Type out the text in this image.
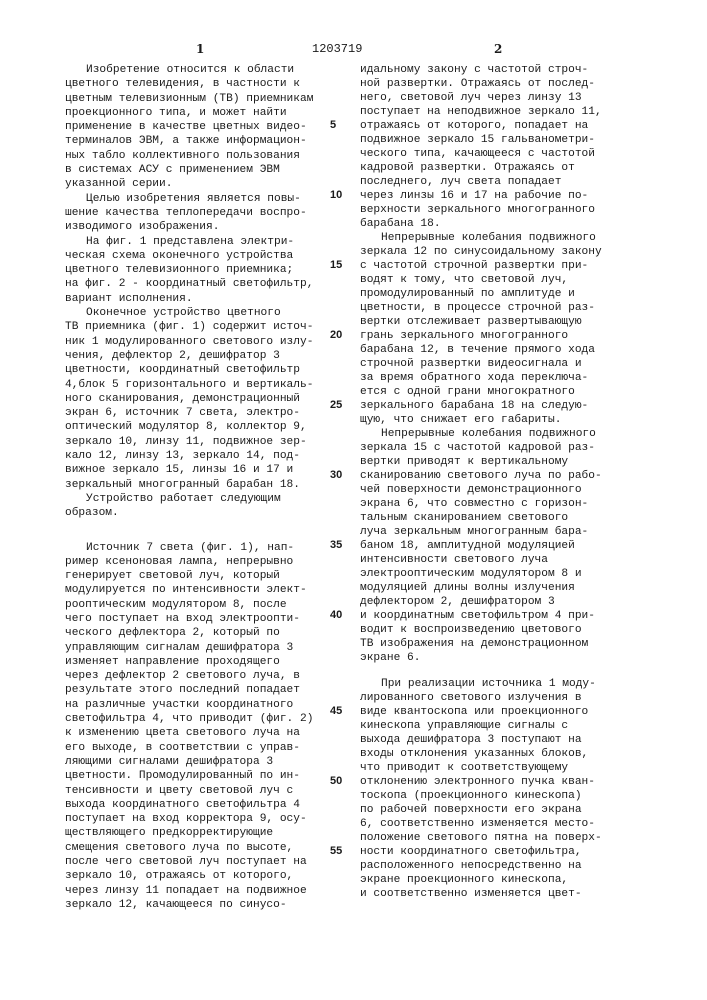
1	1203719	2
Изобретение относится к области
цветного телевидения, в частности к
цветным телевизионным (ТВ) приемникам
проекционного типа, и может найти
применение в качестве цветных видео-
терминалов ЭВМ, а также информацион-
ных табло коллективного пользования
в системах АСУ с применением ЭВМ
указанной серии.
Целью изобретения является повы-
шение качества теплопередачи воспро-
изводимого изображения.
На фиг. 1 представлена электри-
ческая схема оконечного устройства
цветного телевизионного приемника;
на фиг. 2 - координатный светофильтр,
вариант исполнения.
Оконечное устройство цветного
ТВ приемника (фиг. 1) содержит источ-
ник 1 модулированного светового излу-
чения, дефлектор 2, дешифратор 3
цветности, координатный светофильтр
4,блок 5 горизонтального и вертикаль-
ного сканирования, демонстрационный
экран 6, источник 7 света, электро-
оптический модулятор 8, коллектор 9,
зеркало 10, линзу 11, подвижное зер-
кало 12, линзу 13, зеркало 14, под-
вижное зеркало 15, линзы 16 и 17 и
зеркальный многогранный барабан 18.
Устройство работает следующим
образом.
Источник 7 света (фиг. 1), нап-
ример ксеноновая лампа, непрерывно
генерирует световой луч, который
модулируется по интенсивности элект-
рооптическим модулятором 8, после
чего поступает на вход электроопти-
ческого дефлектора 2, который по
управляющим сигналам дешифратора 3
изменяет направление проходящего
через дефлектор 2 светового луча, в
результате этого последний попадает
на различные участки координатного
светофильтра 4, что приводит (фиг. 2)
к изменению цвета светового луча на
его выходе, в соответствии с управ-
ляющими сигналами дешифратора 3
цветности. Промодулированный по ин-
тенсивности и цвету световой луч с
выхода координатного светофильтра 4
поступает на вход корректора 9, осу-
ществляющего предкорректирующие
смещения светового луча по высоте,
после чего световой луч поступает на
зеркало 10, отражаясь от которого,
через линзу 11 попадает на подвижное
зеркало 12, качающееся по синусо-
идальному закону с частотой строч-
ной развертки. Отражаясь от послед-
него, световой луч через линзу 13
поступает на неподвижное зеркало 11,
отражаясь от которого, попадает на
подвижное зеркало 15 гальванометри-
ческого типа, качающееся с частотой
кадровой развертки. Отражаясь от
последнего, луч света попадает
через линзы 16 и 17 на рабочие по-
верхности зеркального многогранного
барабана 18.
Непрерывные колебания подвижного
зеркала 12 по синусоидальному закону
с частотой строчной развертки при-
водят к тому, что световой луч,
промодулированный по амплитуде и
цветности, в процессе строчной раз-
вертки отслеживает развертывающую
грань зеркального многогранного
барабана 12, в течение прямого хода
строчной развертки видеосигнала и
за время обратного хода переключа-
ется с одной грани многократного
зеркального барабана 18 на следую-
щую, что снижает его габариты.
Непрерывные колебания подвижного
зеркала 15 с частотой кадровой раз-
вертки приводят к вертикальному
сканированию светового луча по рабо-
чей поверхности демонстрационного
экрана 6, что совместно с горизон-
тальным сканированием светового
луча зеркальным многогранным бара-
баном 18, амплитудной модуляцией
интенсивности светового луча
электрооптическим модулятором 8 и
модуляцией длины волны излучения
дефлектором 2, дешифратором 3
и координатным светофильтром 4 при-
водит к воспроизведению цветового
ТВ изображения на демонстрационном
экране 6.
При реализации источника 1 моду-
лированного светового излучения в
виде квантоскопа или проекционного
кинескопа управляющие сигналы с
выхода дешифратора 3 поступают на
входы отклонения указанных блоков,
что приводит к соответствующему
отклонению электронного пучка кван-
тоскопа (проекционного кинескопа)
по рабочей поверхности его экрана
6, соответственно изменяется место-
положение светового пятна на поверх-
ности координатного светофильтра,
расположенного непосредственно на
экране проекционного кинескопа,
и соответственно изменяется цвет-
5
10
15
20
25
30
35
40
45
50
55
